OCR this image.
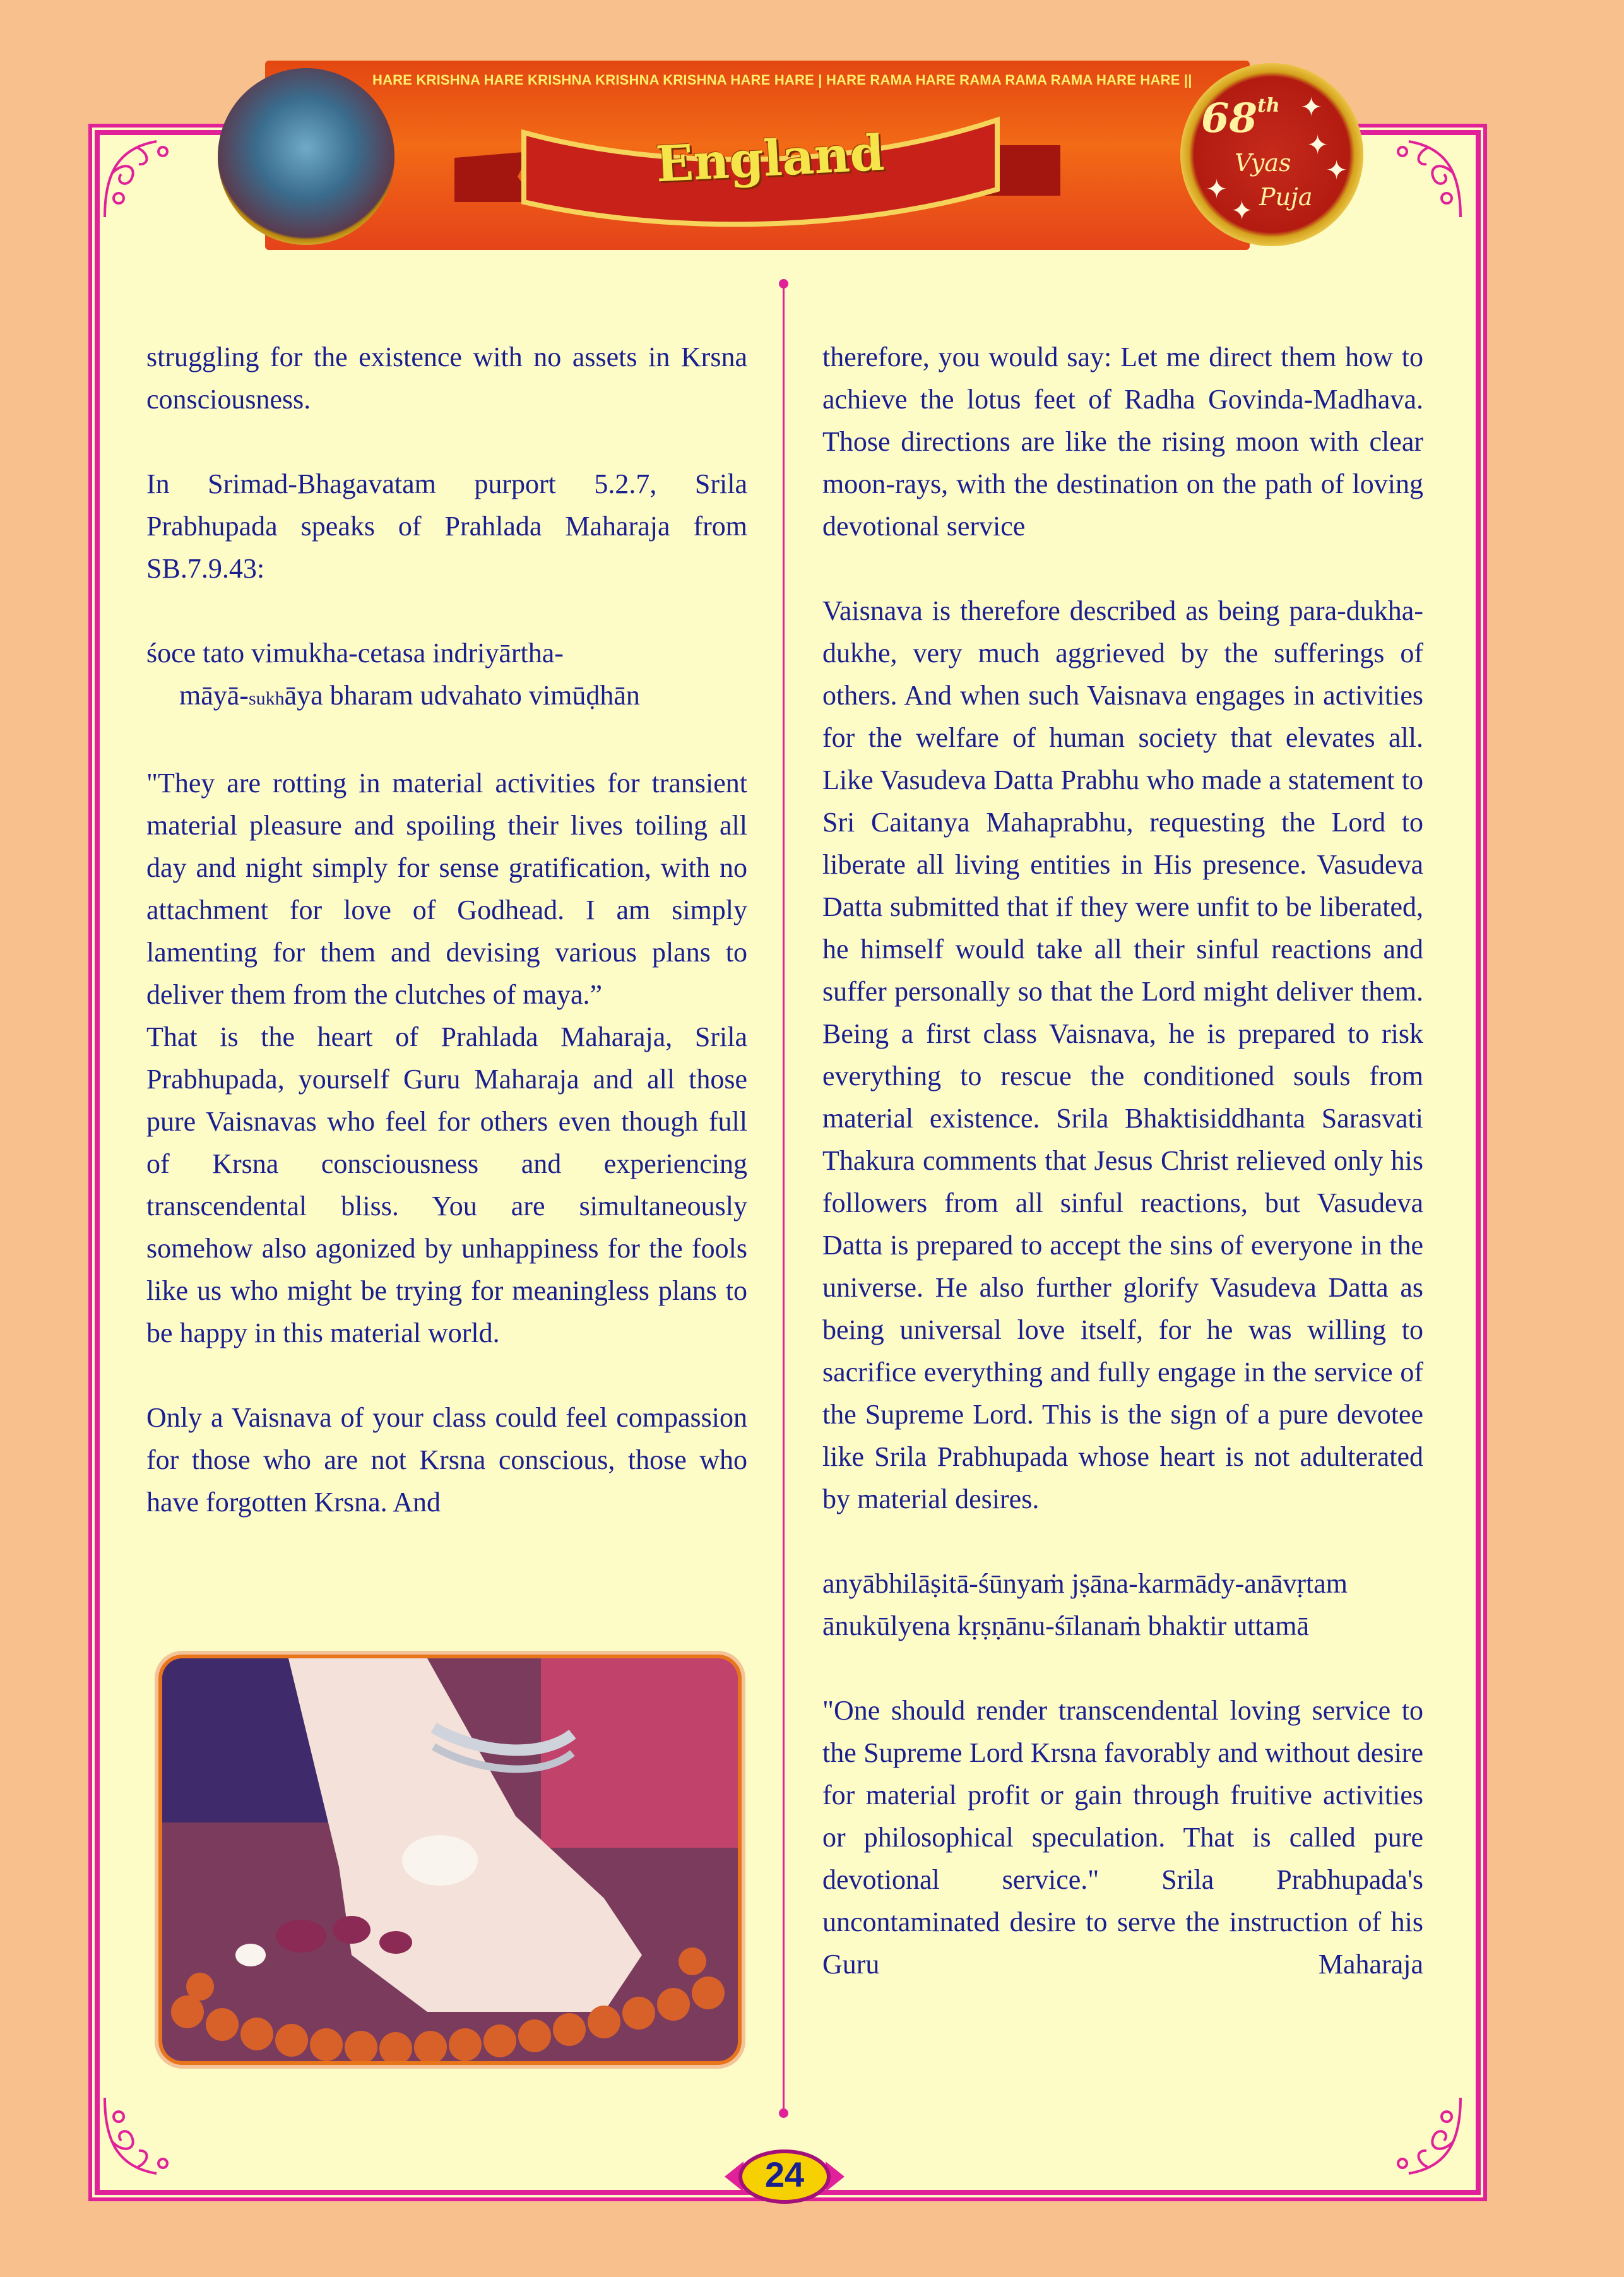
HARE KRISHNA HARE KRISHNA KRISHNA KRISHNA HARE HARE | HARE RAMA HARE RAMA RAMA RAMA HARE HARE ||
England
68th
Vyas
Puja
✦
✦
✦
✦
✦

struggling for the existence with no assets in Krsna consciousness.

In Srimad-Bhagavatam purport 5.2.7, Srila Prabhupada speaks of Prahlada Maharaja from SB.7.9.43:

śoce tato vimukha-cetasa indriyārtha-

māyā-sukhāya bharam udvahato vimūḍhān

"They are rotting in material activities for transient material pleasure and spoiling their lives toiling all day and night simply for sense gratification, with no attachment for love of Godhead. I am simply lamenting for them and devising various plans to deliver them from the clutches of maya.”

That is the heart of Prahlada Maharaja, Srila Prabhupada, yourself Guru Maharaja and all those pure Vaisnavas who feel for others even though full of Krsna consciousness and experiencing transcendental bliss. You are simultaneously somehow also agonized by unhappiness for the fools like us who might be trying for meaningless plans to be happy in this material world.

Only a Vaisnava of your class could feel compassion for those who are not Krsna conscious, those who have forgotten Krsna. And

therefore, you would say: Let me direct them how to achieve the lotus feet of Radha Govinda-Madhava. Those directions are like the rising moon with clear moon-rays, with the destination on the path of loving devotional service

Vaisnava is therefore described as being para-dukha-dukhe, very much aggrieved by the sufferings of others. And when such Vaisnava engages in activities for the welfare of human society that elevates all. Like Vasudeva Datta Prabhu who made a statement to Sri Caitanya Mahaprabhu, requesting the Lord to liberate all living entities in His presence. Vasudeva Datta submitted that if they were unfit to be liberated, he himself would take all their sinful reactions and suffer personally so that the Lord might deliver them. Being a first class Vaisnava, he is prepared to risk everything to rescue the conditioned souls from material existence. Srila Bhaktisiddhanta Sarasvati Thakura comments that Jesus Christ relieved only his followers from all sinful reactions, but Vasudeva Datta is prepared to accept the sins of everyone in the universe. He also further glorify Vasudeva Datta as being universal love itself, for he was willing to sacrifice everything and fully engage in the service of the Supreme Lord. This is the sign of a pure devotee like Srila Prabhupada whose heart is not adulterated by material desires.

anyābhilāṣitā-śūnyaṁ jṣāna-karmādy-anāvṛtam

ānukūlyena kṛṣṇānu-śīlanaṁ bhaktir uttamā

"One should render transcendental loving service to the Supreme Lord Krsna favorably and without desire for material profit or gain through fruitive activities or philosophical speculation. That is called pure devotional service." Srila Prabhupada's uncontaminated desire to serve the instruction of his Guru Maharaja

24
